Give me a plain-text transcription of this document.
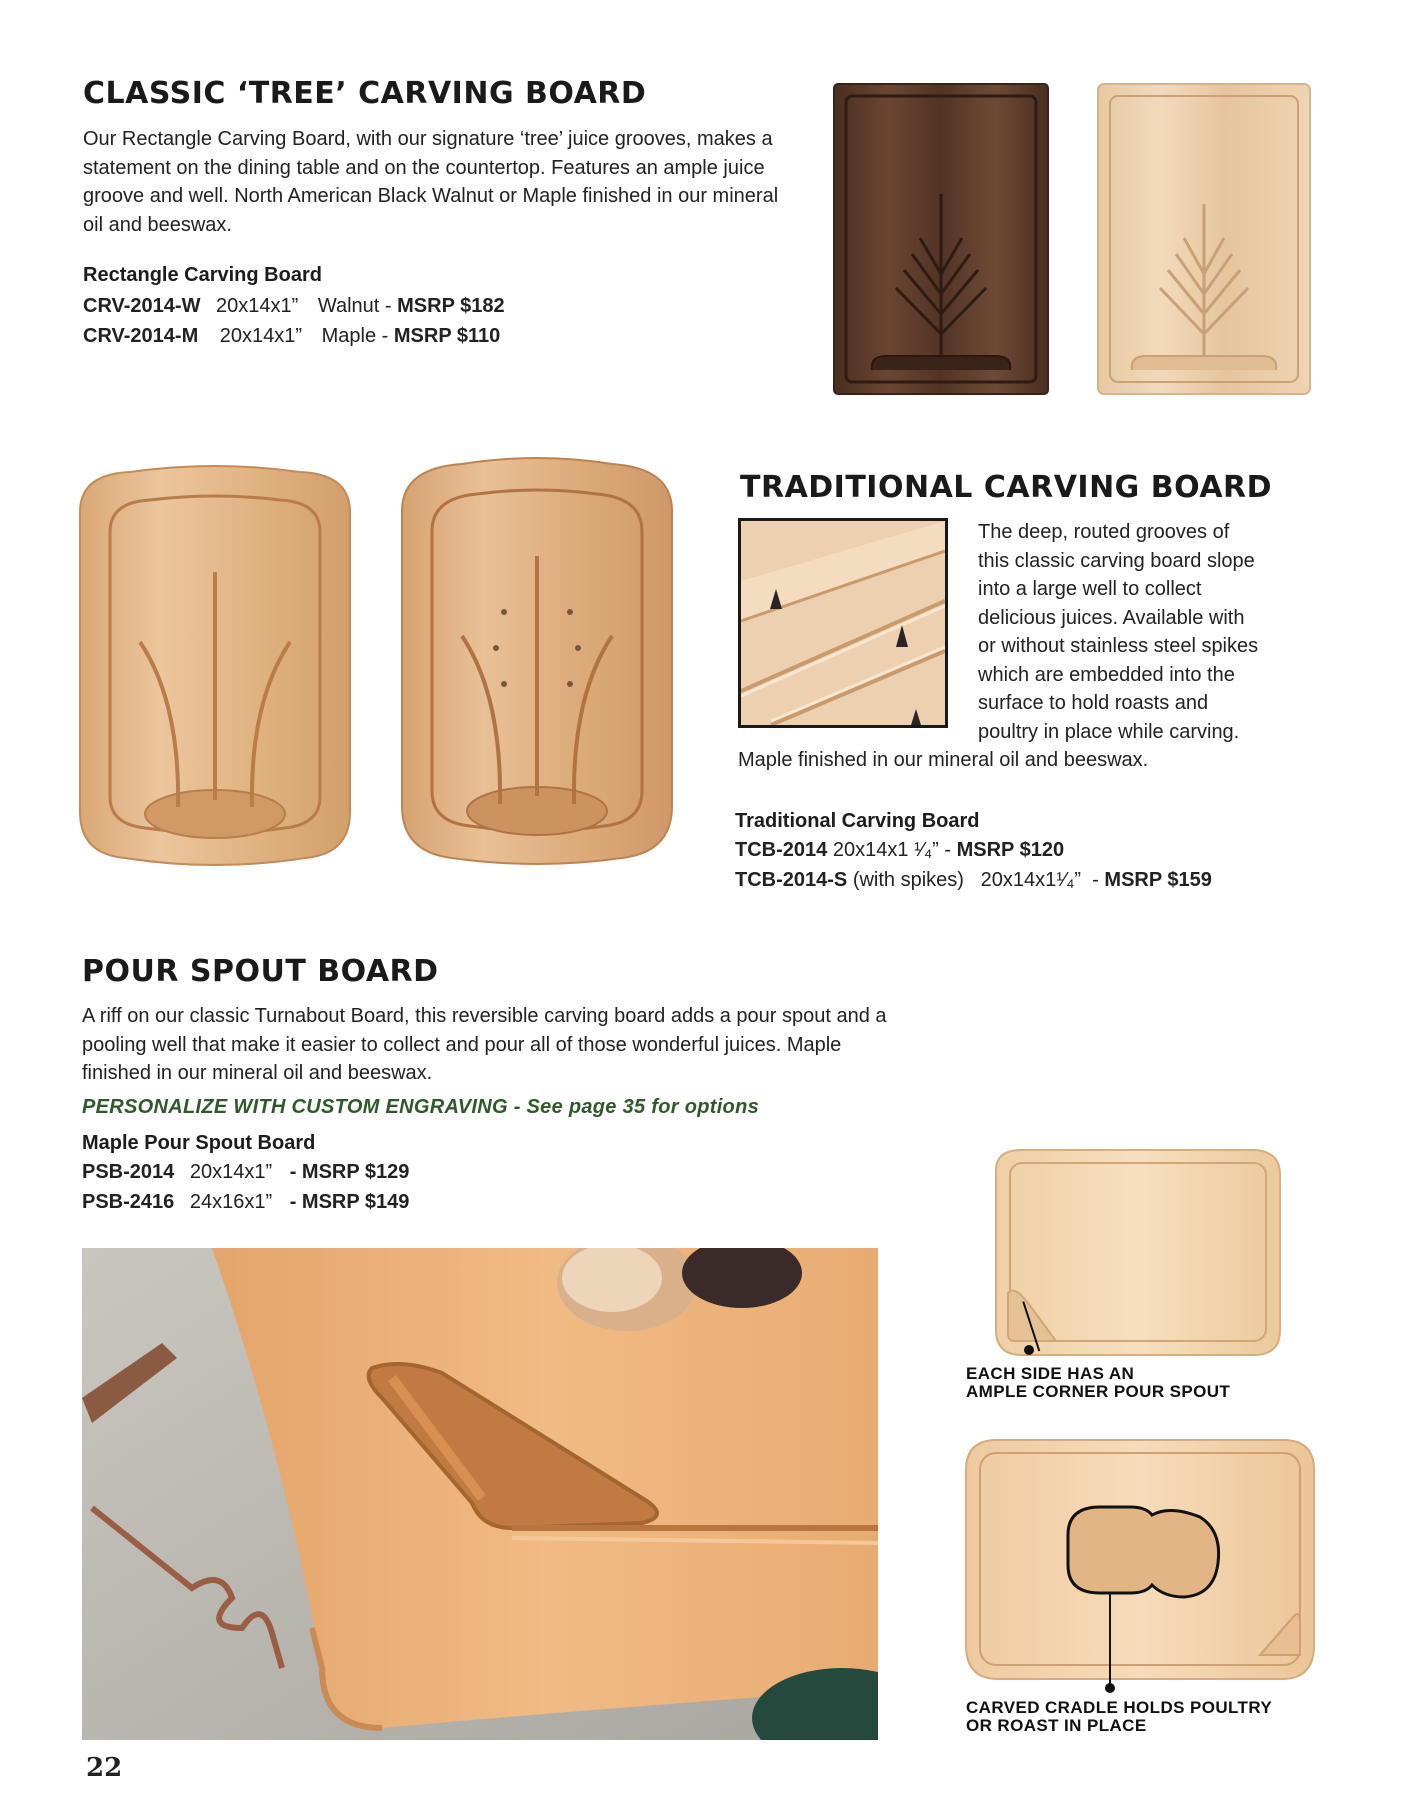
CLASSIC ‘TREE’ CARVING BOARD

Our Rectangle Carving Board, with our signature ‘tree’ juice grooves, makes a statement on the dining table and on the countertop. Features an ample juice groove and well. North American Black Walnut or Maple finished in our mineral oil and beeswax.

Rectangle Carving Board
CRV-2014-W 20x14x1” Walnut - MSRP $182
CRV-2014-M 20x14x1” Maple - MSRP $110
TRADITIONAL CARVING BOARD
The deep, routed grooves of
this classic carving board slope
into a large well to collect
delicious juices. Available with
or without stainless steel spikes
which are embedded into the
surface to hold roasts and
poultry in place while carving.
Maple finished in our mineral oil and beeswax.
Traditional Carving Board
TCB-2014 20x14x1 ¹⁄₄” - MSRP $120
TCB-2014-S (with spikes)   20x14x1¹⁄₄”  - MSRP $159
POUR SPOUT BOARD

A riff on our classic Turnabout Board, this reversible carving board adds a pour spout and a pooling well that make it easier to collect and pour all of those wonderful juices. Maple finished in our mineral oil and beeswax.

PERSONALIZE WITH CUSTOM ENGRAVING - See page 35 for options
Maple Pour Spout Board
PSB-2014 20x14x1” - MSRP $129
PSB-2416 24x16x1” - MSRP $149
EACH SIDE HAS AN
AMPLE CORNER POUR SPOUT
CARVED CRADLE HOLDS POULTRY
OR ROAST IN PLACE
22
